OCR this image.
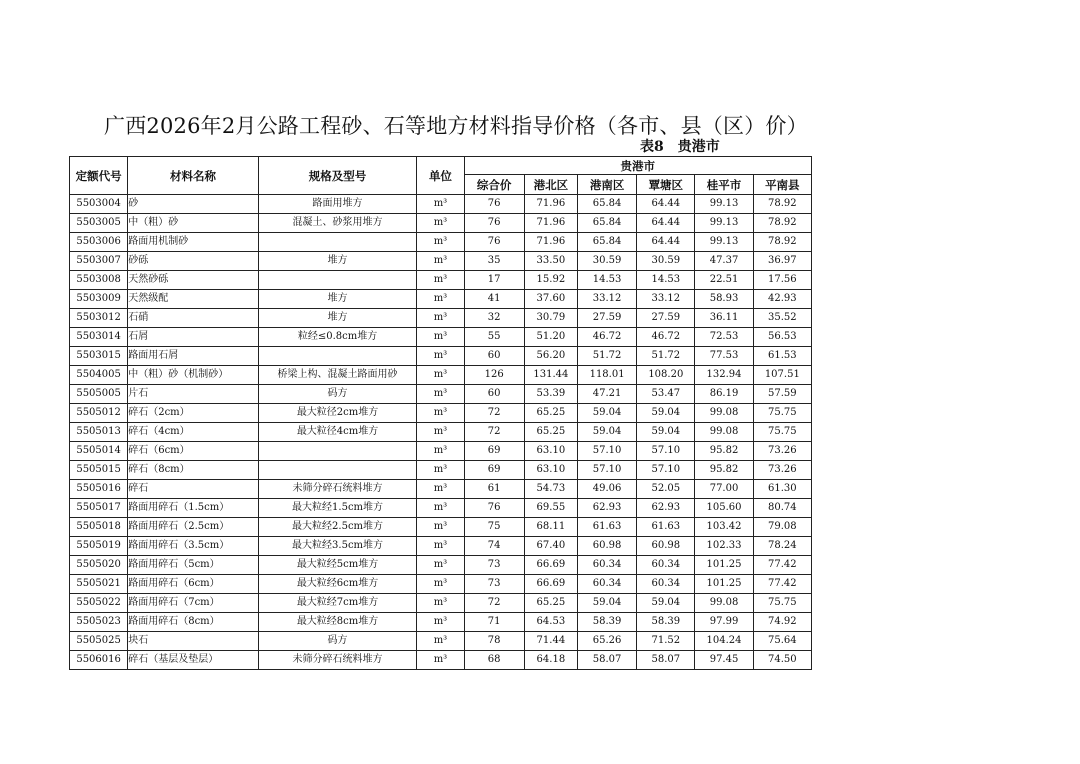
广西2026年2月公路工程砂、石等地方材料指导价格（各市、县（区）价）
表8　贵港市
定额代号	材料名称	规格及型号	单位	贵港市					
				综合价	港北区	港南区	覃塘区	桂平市	平南县
5503004	砂	路面用堆方	m³	76	71.96	65.84	64.44	99.13	78.92
5503005	中（粗）砂	混凝土、砂浆用堆方	m³	76	71.96	65.84	64.44	99.13	78.92
5503006	路面用机制砂		m³	76	71.96	65.84	64.44	99.13	78.92
5503007	砂砾	堆方	m³	35	33.50	30.59	30.59	47.37	36.97
5503008	天然砂砾		m³	17	15.92	14.53	14.53	22.51	17.56
5503009	天然级配	堆方	m³	41	37.60	33.12	33.12	58.93	42.93
5503012	石硝	堆方	m³	32	30.79	27.59	27.59	36.11	35.52
5503014	石屑	粒经≤0.8cm堆方	m³	55	51.20	46.72	46.72	72.53	56.53
5503015	路面用石屑		m³	60	56.20	51.72	51.72	77.53	61.53
5504005	中（粗）砂（机制砂）	桥梁上构、混凝土路面用砂	m³	126	131.44	118.01	108.20	132.94	107.51
5505005	片石	码方	m³	60	53.39	47.21	53.47	86.19	57.59
5505012	碎石（2cm）	最大粒径2cm堆方	m³	72	65.25	59.04	59.04	99.08	75.75
5505013	碎石（4cm）	最大粒径4cm堆方	m³	72	65.25	59.04	59.04	99.08	75.75
5505014	碎石（6cm）		m³	69	63.10	57.10	57.10	95.82	73.26
5505015	碎石（8cm）		m³	69	63.10	57.10	57.10	95.82	73.26
5505016	碎石	未筛分碎石统料堆方	m³	61	54.73	49.06	52.05	77.00	61.30
5505017	路面用碎石（1.5cm）	最大粒经1.5cm堆方	m³	76	69.55	62.93	62.93	105.60	80.74
5505018	路面用碎石（2.5cm）	最大粒经2.5cm堆方	m³	75	68.11	61.63	61.63	103.42	79.08
5505019	路面用碎石（3.5cm）	最大粒经3.5cm堆方	m³	74	67.40	60.98	60.98	102.33	78.24
5505020	路面用碎石（5cm）	最大粒经5cm堆方	m³	73	66.69	60.34	60.34	101.25	77.42
5505021	路面用碎石（6cm）	最大粒经6cm堆方	m³	73	66.69	60.34	60.34	101.25	77.42
5505022	路面用碎石（7cm）	最大粒经7cm堆方	m³	72	65.25	59.04	59.04	99.08	75.75
5505023	路面用碎石（8cm）	最大粒经8cm堆方	m³	71	64.53	58.39	58.39	97.99	74.92
5505025	块石	码方	m³	78	71.44	65.26	71.52	104.24	75.64
5506016	碎石（基层及垫层）	未筛分碎石统料堆方	m³	68	64.18	58.07	58.07	97.45	74.50
